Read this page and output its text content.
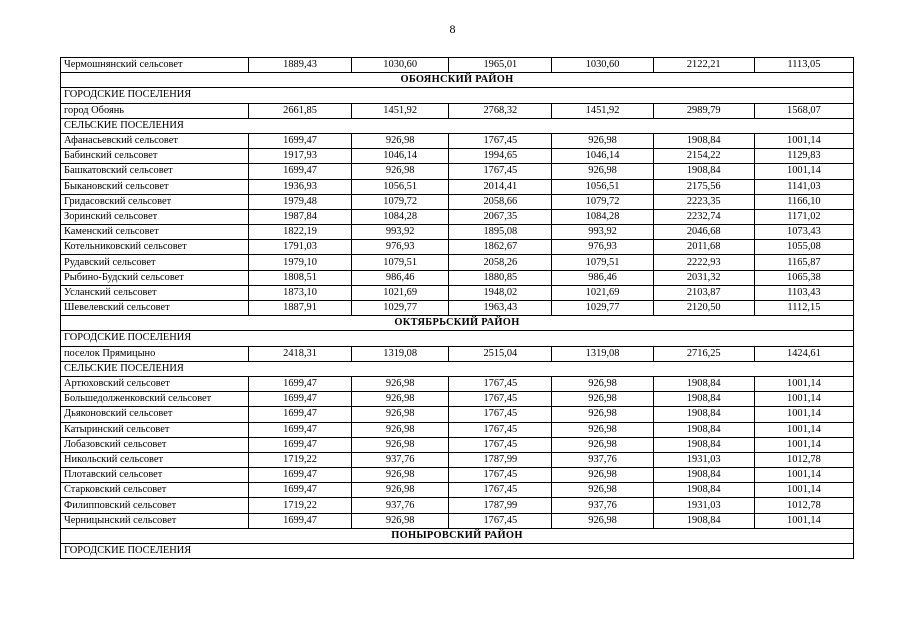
8
Чермошнянский сельсовет	1889,43	1030,60	1965,01	1030,60	2122,21	1113,05
ОБОЯНСКИЙ РАЙОН						
ГОРОДСКИЕ ПОСЕЛЕНИЯ						
город Обоянь	2661,85	1451,92	2768,32	1451,92	2989,79	1568,07
СЕЛЬСКИЕ ПОСЕЛЕНИЯ						
Афанасьевский сельсовет	1699,47	926,98	1767,45	926,98	1908,84	1001,14
Бабинский сельсовет	1917,93	1046,14	1994,65	1046,14	2154,22	1129,83
Башкатовский сельсовет	1699,47	926,98	1767,45	926,98	1908,84	1001,14
Быкановский сельсовет	1936,93	1056,51	2014,41	1056,51	2175,56	1141,03
Гридасовский сельсовет	1979,48	1079,72	2058,66	1079,72	2223,35	1166,10
Зоринский сельсовет	1987,84	1084,28	2067,35	1084,28	2232,74	1171,02
Каменский сельсовет	1822,19	993,92	1895,08	993,92	2046,68	1073,43
Котельниковский сельсовет	1791,03	976,93	1862,67	976,93	2011,68	1055,08
Рудавский сельсовет	1979,10	1079,51	2058,26	1079,51	2222,93	1165,87
Рыбино-Будский сельсовет	1808,51	986,46	1880,85	986,46	2031,32	1065,38
Усланский сельсовет	1873,10	1021,69	1948,02	1021,69	2103,87	1103,43
Шевелевский сельсовет	1887,91	1029,77	1963,43	1029,77	2120,50	1112,15
ОКТЯБРЬСКИЙ РАЙОН						
ГОРОДСКИЕ ПОСЕЛЕНИЯ						
поселок Прямицыно	2418,31	1319,08	2515,04	1319,08	2716,25	1424,61
СЕЛЬСКИЕ ПОСЕЛЕНИЯ						
Артюховский сельсовет	1699,47	926,98	1767,45	926,98	1908,84	1001,14
Большедолженковский сельсовет	1699,47	926,98	1767,45	926,98	1908,84	1001,14
Дьяконовский сельсовет	1699,47	926,98	1767,45	926,98	1908,84	1001,14
Катыринский сельсовет	1699,47	926,98	1767,45	926,98	1908,84	1001,14
Лобазовский сельсовет	1699,47	926,98	1767,45	926,98	1908,84	1001,14
Никольский сельсовет	1719,22	937,76	1787,99	937,76	1931,03	1012,78
Плотавский сельсовет	1699,47	926,98	1767,45	926,98	1908,84	1001,14
Старковский сельсовет	1699,47	926,98	1767,45	926,98	1908,84	1001,14
Филипповский сельсовет	1719,22	937,76	1787,99	937,76	1931,03	1012,78
Черницынский сельсовет	1699,47	926,98	1767,45	926,98	1908,84	1001,14
ПОНЫРОВСКИЙ РАЙОН						
ГОРОДСКИЕ ПОСЕЛЕНИЯ						
